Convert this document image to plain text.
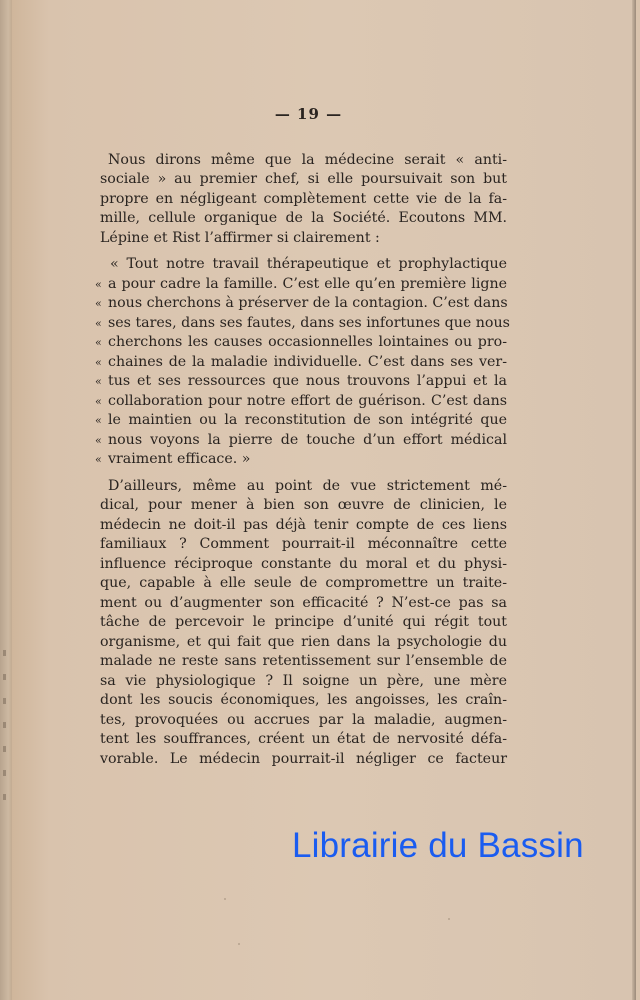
— 19 —
Nous dirons même que la médecine serait « anti-
sociale » au premier chef, si elle poursuivait son but
propre en négligeant complètement cette vie de la fa-
mille, cellule organique de la Société. Ecoutons MM.
Lépine et Rist l’affirmer si clairement :
« Tout notre travail thérapeutique et prophylactique
« a pour cadre la famille. C’est elle qu’en première ligne
« nous cherchons à préserver de la contagion. C’est dans
« ses tares, dans ses fautes, dans ses infortunes que nous
« cherchons les causes occasionnelles lointaines ou pro-
« chaines de la maladie individuelle. C’est dans ses ver-
« tus et ses ressources que nous trouvons l’appui et la
« collaboration pour notre effort de guérison. C’est dans
« le maintien ou la reconstitution de son intégrité que
« nous voyons la pierre de touche d’un effort médical
« vraiment efficace. »
D’ailleurs, même au point de vue strictement mé-
dical, pour mener à bien son œuvre de clinicien, le
médecin ne doit-il pas déjà tenir compte de ces liens
familiaux ? Comment pourrait-il méconnaître cette
influence réciproque constante du moral et du physi-
que, capable à elle seule de compromettre un traite-
ment ou d’augmenter son efficacité ? N’est-ce pas sa
tâche de percevoir le principe d’unité qui régit tout
organisme, et qui fait que rien dans la psychologie du
malade ne reste sans retentissement sur l’ensemble de
sa vie physiologique ? Il soigne un père, une mère
dont les soucis économiques, les angoisses, les craîn-
tes, provoquées ou accrues par la maladie, augmen-
tent les souffrances, créent un état de nervosité défa-
vorable. Le médecin pourrait-il négliger ce facteur
Librairie du Bassin
